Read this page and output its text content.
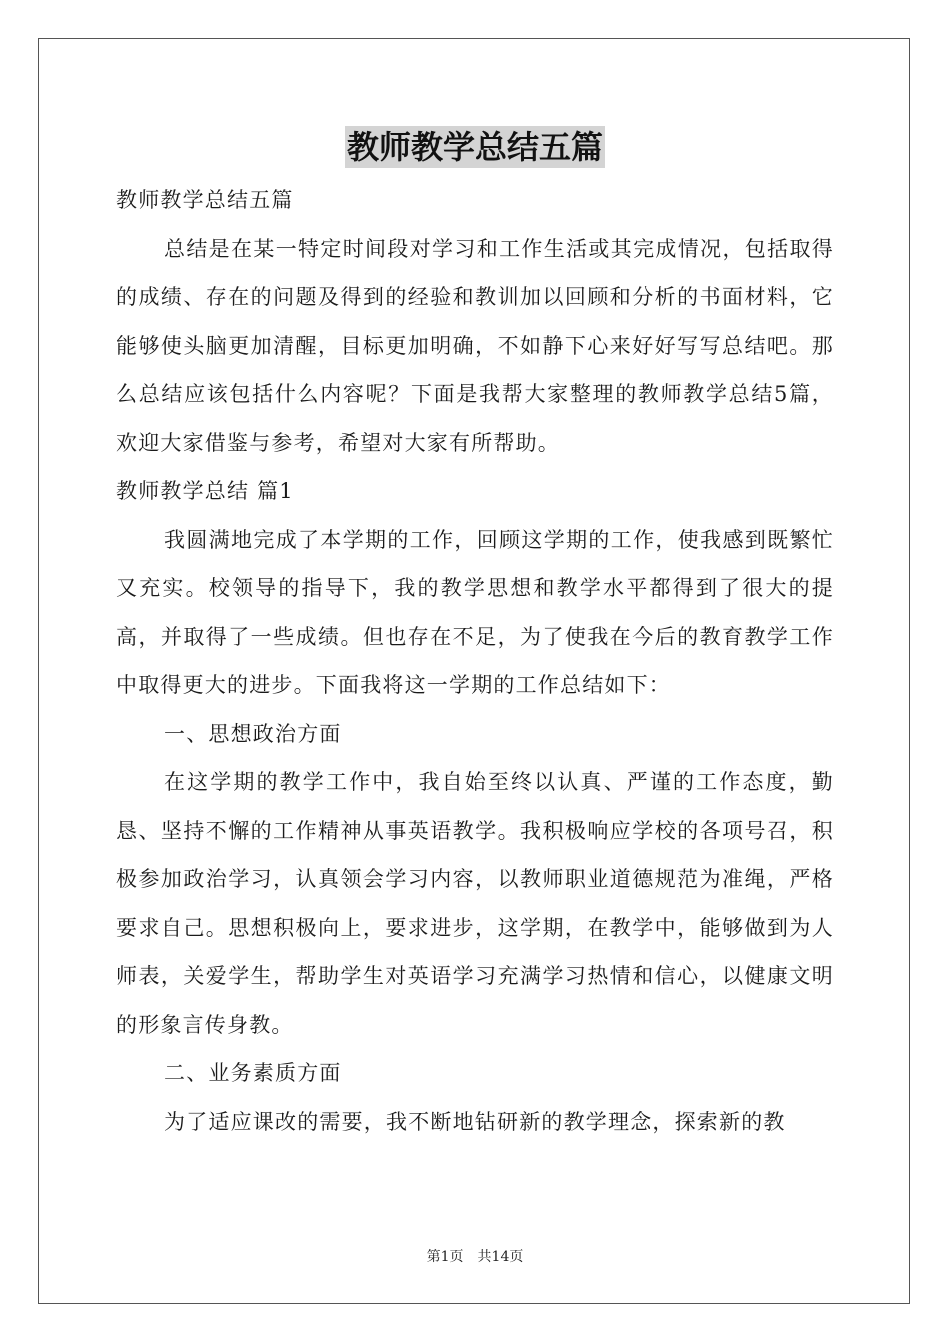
教师教学总结五篇

教师教学总结五篇

总结是在某一特定时间段对学习和工作生活或其完成情况，包括取得的成绩、存在的问题及得到的经验和教训加以回顾和分析的书面材料，它能够使头脑更加清醒，目标更加明确，不如静下心来好好写写总结吧。那么总结应该包括什么内容呢？下面是我帮大家整理的教师教学总结5篇，欢迎大家借鉴与参考，希望对大家有所帮助。

教师教学总结 篇1

我圆满地完成了本学期的工作，回顾这学期的工作，使我感到既繁忙又充实。校领导的指导下，我的教学思想和教学水平都得到了很大的提高，并取得了一些成绩。但也存在不足，为了使我在今后的教育教学工作中取得更大的进步。下面我将这一学期的工作总结如下：

一、思想政治方面

在这学期的教学工作中，我自始至终以认真、严谨的工作态度，勤恳、坚持不懈的工作精神从事英语教学。我积极响应学校的各项号召，积极参加政治学习，认真领会学习内容，以教师职业道德规范为准绳，严格要求自己。思想积极向上，要求进步，这学期，在教学中，能够做到为人师表，关爱学生，帮助学生对英语学习充满学习热情和信心，以健康文明的形象言传身教。

二、业务素质方面

为了适应课改的需要，我不断地钻研新的教学理念，探索新的教

第1页 共14页
